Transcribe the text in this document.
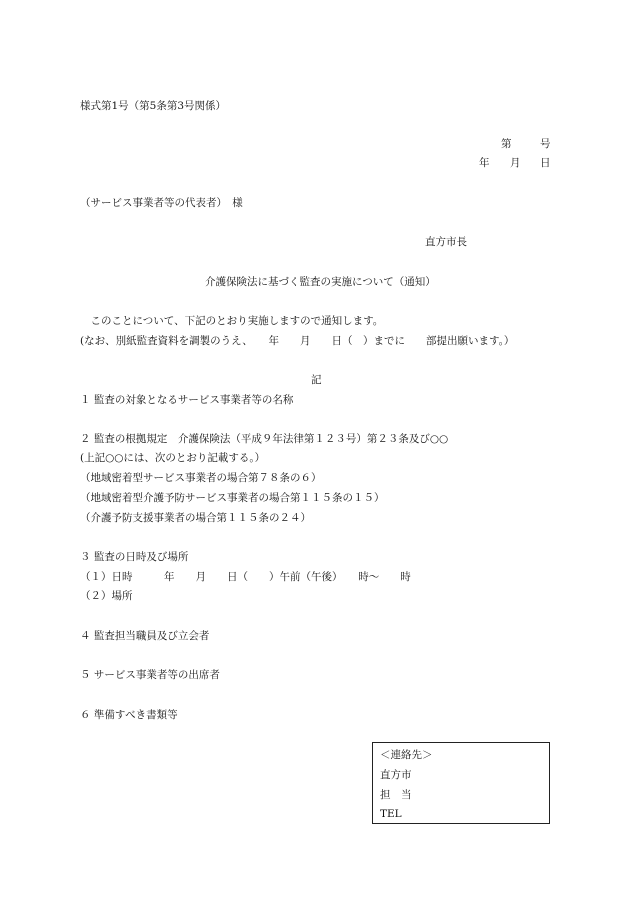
様式第1号（第5条第3号関係）
第	号
年 月 日
（サービス事業者等の代表者）　様
直方市長
介護保険法に基づく監査の実施について（通知）
　このことについて、下記のとおり実施しますので通知します。
(なお、別紙監査資料を調製のうえ、　　年　　月　　日（　）までに　　部提出願います。）
記
１ 監査の対象となるサービス事業者等の名称
２ 監査の根拠規定　介護保険法（平成９年法律第１２３号）第２３条及び○○
(上記○○には、次のとおり記載する。）
（地域密着型サービス事業者の場合第７８条の６）
（地域密着型介護予防サービス事業者の場合第１１５条の１５）
（介護予防支援事業者の場合第１１５条の２４）
３ 監査の日時及び場所
（１）日時　　　年　　月　　日（　　）午前（午後）　　時～　　時
（２）場所
４ 監査担当職員及び立会者
５ サービス事業者等の出席者
６ 準備すべき書類等
＜連絡先＞
直方市
担　当
TEL
